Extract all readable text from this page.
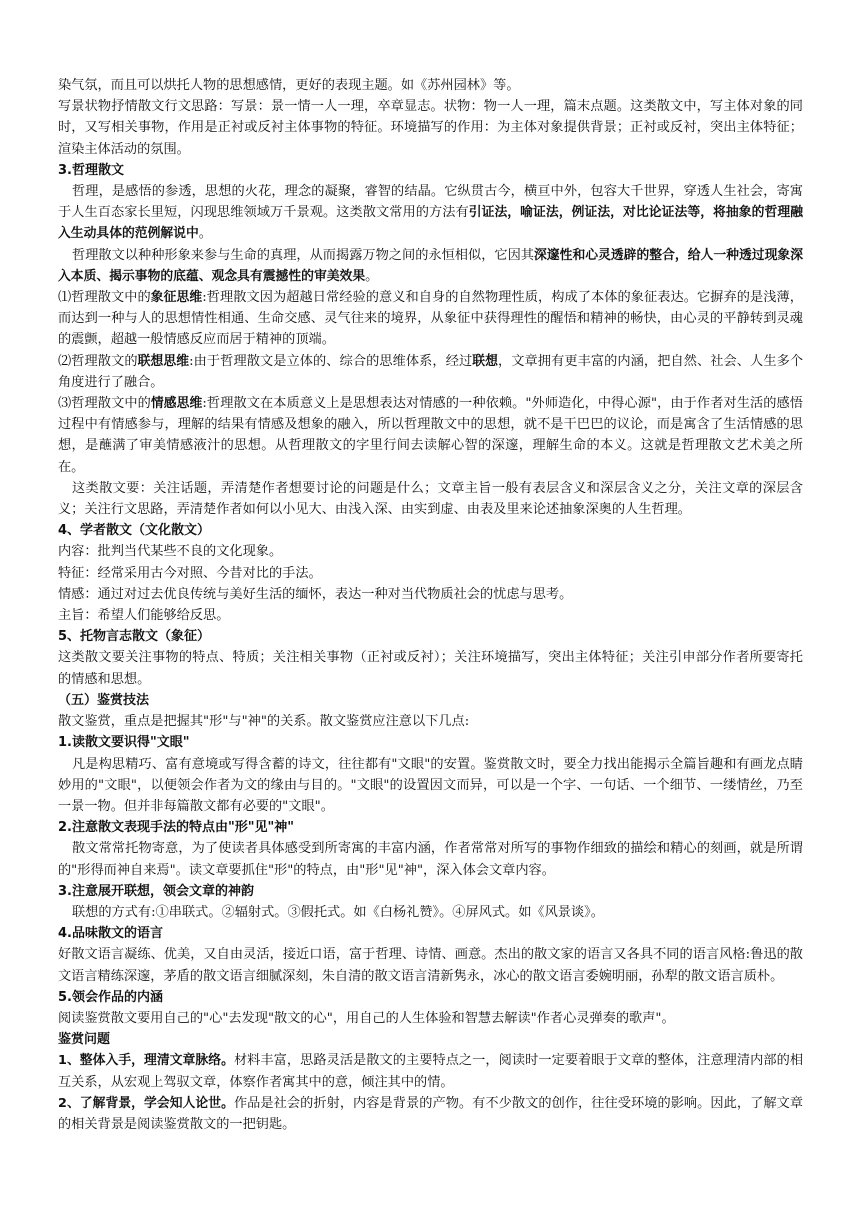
染气氛，而且可以烘托人物的思想感情，更好的表现主题。如《苏州园林》等。

写景状物抒情散文行文思路：写景：景一情一人一理，卒章显志。状物：物一人一理，篇末点题。这类散文中，写主体对象的同时，又写相关事物，作用是正衬或反衬主体事物的特征。环境描写的作用：为主体对象提供背景；正衬或反衬，突出主体特征；渲染主体活动的氛围。

3.哲理散文

哲理，是感悟的参透，思想的火花，理念的凝聚，睿智的结晶。它纵贯古今，横亘中外，包容大千世界，穿透人生社会，寄寓于人生百态家长里短，闪现思维领域万千景观。这类散文常用的方法有引证法，喻证法，例证法，对比论证法等，将抽象的哲理融入生动具体的范例解说中。

哲理散文以种种形象来参与生命的真理，从而揭露万物之间的永恒相似，它因其深邃性和心灵透辟的整合，给人一种透过现象深入本质、揭示事物的底蕴、观念具有震撼性的审美效果。

⑴哲理散文中的象征思维:哲理散文因为超越日常经验的意义和自身的自然物理性质，构成了本体的象征表达。它摒弃的是浅薄，而达到一种与人的思想情性相通、生命交感、灵气往来的境界，从象征中获得理性的醒悟和精神的畅快，由心灵的平静转到灵魂的震颤，超越一般情感反应而居于精神的顶端。

⑵哲理散文的联想思维:由于哲理散文是立体的、综合的思维体系，经过联想，文章拥有更丰富的内涵，把自然、社会、人生多个角度进行了融合。

⑶哲理散文中的情感思维:哲理散文在本质意义上是思想表达对情感的一种依赖。"外师造化，中得心源"，由于作者对生活的感悟过程中有情感参与，理解的结果有情感及想象的融入，所以哲理散文中的思想，就不是干巴巴的议论，而是寓含了生活情感的思想，是蘸满了审美情感液汁的思想。从哲理散文的字里行间去读解心智的深邃，理解生命的本义。这就是哲理散文艺术美之所在。

这类散文要：关注话题，弄清楚作者想要讨论的问题是什么；文章主旨一般有表层含义和深层含义之分，关注文章的深层含义；关注行文思路，弄清楚作者如何以小见大、由浅入深、由实到虚、由表及里来论述抽象深奥的人生哲理。

4、学者散文（文化散文）

内容：批判当代某些不良的文化现象。

特征：经常采用古今对照、今昔对比的手法。

情感：通过对过去优良传统与美好生活的缅怀，表达一种对当代物质社会的忧虑与思考。

主旨：希望人们能够给反思。

5、托物言志散文（象征）

这类散文要关注事物的特点、特质；关注相关事物（正衬或反衬）；关注环境描写，突出主体特征；关注引申部分作者所要寄托的情感和思想。

（五）鉴赏技法

散文鉴赏，重点是把握其"形"与"神"的关系。散文鉴赏应注意以下几点:

1.读散文要识得"文眼"

凡是构思精巧、富有意境或写得含蓄的诗文，往往都有"文眼"的安置。鉴赏散文时，要全力找出能揭示全篇旨趣和有画龙点睛妙用的"文眼"，以便领会作者为文的缘由与目的。"文眼"的设置因文而异，可以是一个字、一句话、一个细节、一缕情丝，乃至一景一物。但并非每篇散文都有必要的"文眼"。

2.注意散文表现手法的特点由"形"见"神"

散文常常托物寄意，为了使读者具体感受到所寄寓的丰富内涵，作者常常对所写的事物作细致的描绘和精心的刻画，就是所谓的"形得而神自来焉"。读文章要抓住"形"的特点，由"形"见"神"，深入体会文章内容。

3.注意展开联想，领会文章的神韵

联想的方式有:①串联式。②辐射式。③假托式。如《白杨礼赞》。④屏风式。如《风景谈》。

4.品味散文的语言

好散文语言凝练、优美，又自由灵活，接近口语，富于哲理、诗情、画意。杰出的散文家的语言又各具不同的语言风格:鲁迅的散文语言精练深邃，茅盾的散文语言细腻深刻，朱自清的散文语言清新隽永，冰心的散文语言委婉明丽，孙犁的散文语言质朴。

5.领会作品的内涵

阅读鉴赏散文要用自己的"心"去发现"散文的心"，用自己的人生体验和智慧去解读"作者心灵弹奏的歌声"。

鉴赏问题

1、整体入手，理清文章脉络。材料丰富，思路灵活是散文的主要特点之一，阅读时一定要着眼于文章的整体，注意理清内部的相互关系，从宏观上驾驭文章，体察作者寓其中的意，倾注其中的情。

2、了解背景，学会知人论世。作品是社会的折射，内容是背景的产物。有不少散文的创作，往往受环境的影响。因此，了解文章的相关背景是阅读鉴赏散文的一把钥匙。
